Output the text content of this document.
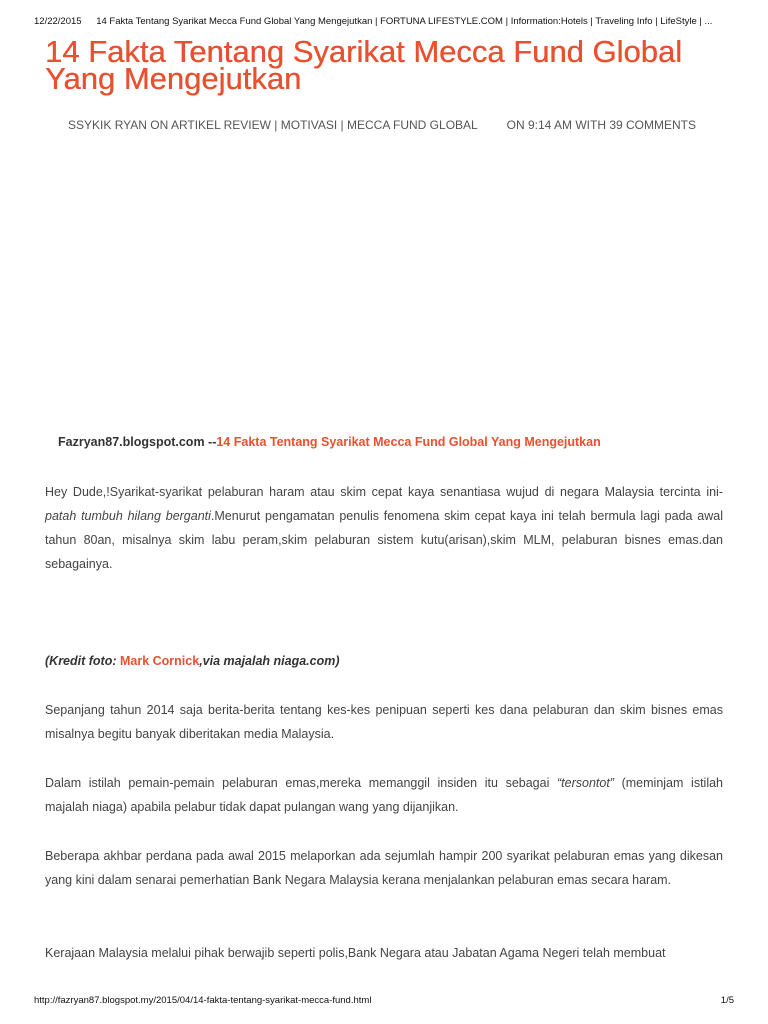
12/22/2015 14 Fakta Tentang Syarikat Mecca Fund Global Yang Mengejutkan | FORTUNA LIFESTYLE.COM | Information:Hotels | Traveling Info | LifeStyle | ...
14 Fakta Tentang Syarikat Mecca Fund Global Yang Mengejutkan
SSYKIK RYAN ON ARTIKEL REVIEW | MOTIVASI | MECCA FUND GLOBAL ON 9:14 AM WITH 39 COMMENTS
Fazryan87.blogspot.com --14 Fakta Tentang Syarikat Mecca Fund Global Yang Mengejutkan

Hey Dude,!Syarikat-syarikat pelaburan haram atau skim cepat kaya senantiasa wujud di negara Malaysia tercinta ini-patah tumbuh hilang berganti.Menurut pengamatan penulis fenomena skim cepat kaya ini telah bermula lagi pada awal tahun 80an, misalnya skim labu peram,skim pelaburan sistem kutu(arisan),skim MLM, pelaburan bisnes emas.dan sebagainya.

(Kredit foto: Mark Cornick,via majalah niaga.com)

Sepanjang tahun 2014 saja berita-berita tentang kes-kes penipuan seperti kes dana pelaburan dan skim bisnes emas misalnya begitu banyak diberitakan media Malaysia.

Dalam istilah pemain-pemain pelaburan emas,mereka memanggil insiden itu sebagai “tersontot” (meminjam istilah majalah niaga) apabila pelabur tidak dapat pulangan wang yang dijanjikan.

Beberapa akhbar perdana pada awal 2015 melaporkan ada sejumlah hampir 200 syarikat pelaburan emas yang dikesan yang kini dalam senarai pemerhatian Bank Negara Malaysia kerana menjalankan pelaburan emas secara haram.

Kerajaan Malaysia melalui pihak berwajib seperti polis,Bank Negara atau Jabatan Agama Negeri telah membuat

http://fazryan87.blogspot.my/2015/04/14-fakta-tentang-syarikat-mecca-fund.html	1/5
